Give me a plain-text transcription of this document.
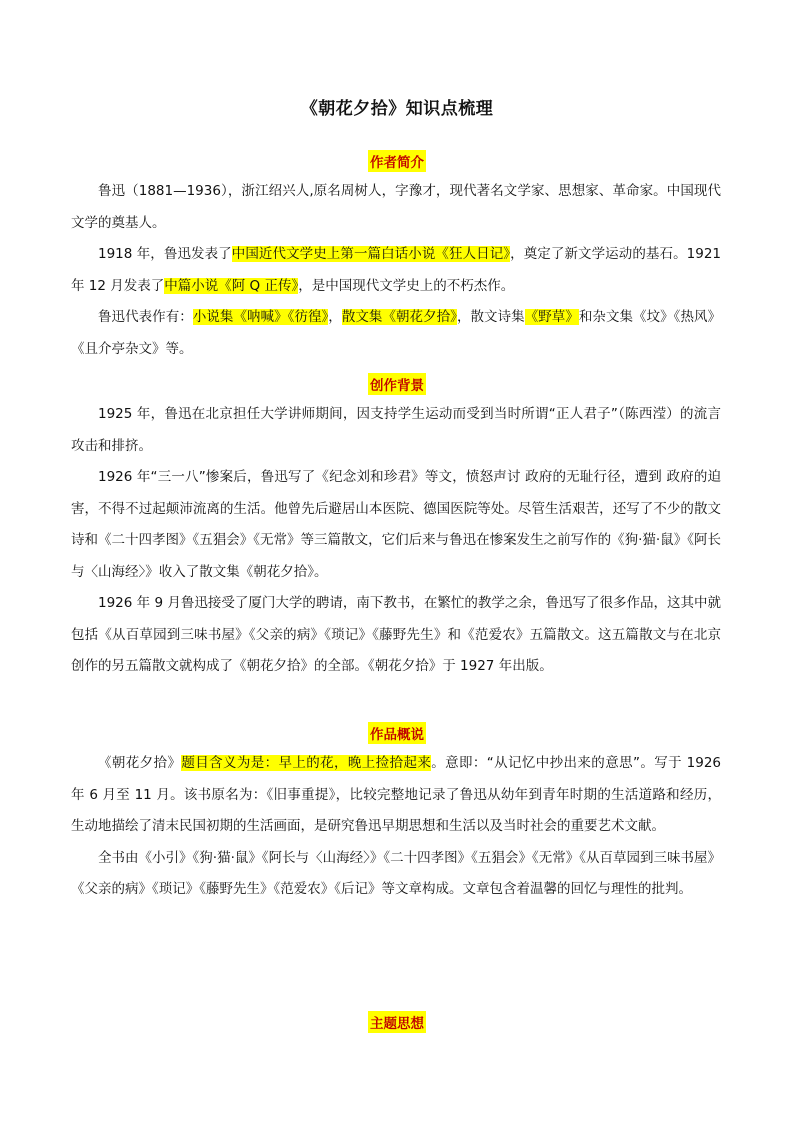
《朝花夕拾》知识点梳理
作者简介

鲁迅（1881—1936），浙江绍兴人,原名周树人，字豫才，现代著名文学家、思想家、革命家。中国现代文学的奠基人。

1918 年，鲁迅发表了中国近代文学史上第一篇白话小说《狂人日记》，奠定了新文学运动的基石。1921 年 12 月发表了中篇小说《阿 Q 正传》，是中国现代文学史上的不朽杰作。

鲁迅代表作有：小说集《呐喊》《彷徨》，散文集《朝花夕拾》，散文诗集《野草》和杂文集《坟》《热风》《且介亭杂文》等。

创作背景

1925 年，鲁迅在北京担任大学讲师期间，因支持学生运动而受到当时所谓“正人君子”（陈西滢）的流言攻击和排挤。

1926 年“三一八”惨案后，鲁迅写了《纪念刘和珍君》等文，愤怒声讨 政府的无耻行径，遭到 政府的迫害，不得不过起颠沛流离的生活。他曾先后避居山本医院、德国医院等处。尽管生活艰苦，还写了不少的散文诗和《二十四孝图》《五猖会》《无常》等三篇散文，它们后来与鲁迅在惨案发生之前写作的《狗·猫·鼠》《阿长与〈山海经〉》收入了散文集《朝花夕拾》。

1926 年 9 月鲁迅接受了厦门大学的聘请，南下教书，在繁忙的教学之余，鲁迅写了很多作品，这其中就包括《从百草园到三味书屋》《父亲的病》《琐记》《藤野先生》和《范爱农》五篇散文。这五篇散文与在北京创作的另五篇散文就构成了《朝花夕拾》的全部。《朝花夕拾》于 1927 年出版。

作品概说

《朝花夕拾》题目含义为是：早上的花，晚上捡拾起来。意即：“从记忆中抄出来的意思”。写于 1926 年 6 月至 11 月。该书原名为：《旧事重提》，比较完整地记录了鲁迅从幼年到青年时期的生活道路和经历，生动地描绘了清末民国初期的生活画面，是研究鲁迅早期思想和生活以及当时社会的重要艺术文献。

全书由《小引》《狗·猫·鼠》《阿长与〈山海经〉》《二十四孝图》《五猖会》《无常》《从百草园到三味书屋》《父亲的病》《琐记》《藤野先生》《范爱农》《后记》等文章构成。文章包含着温馨的回忆与理性的批判。

主题思想
